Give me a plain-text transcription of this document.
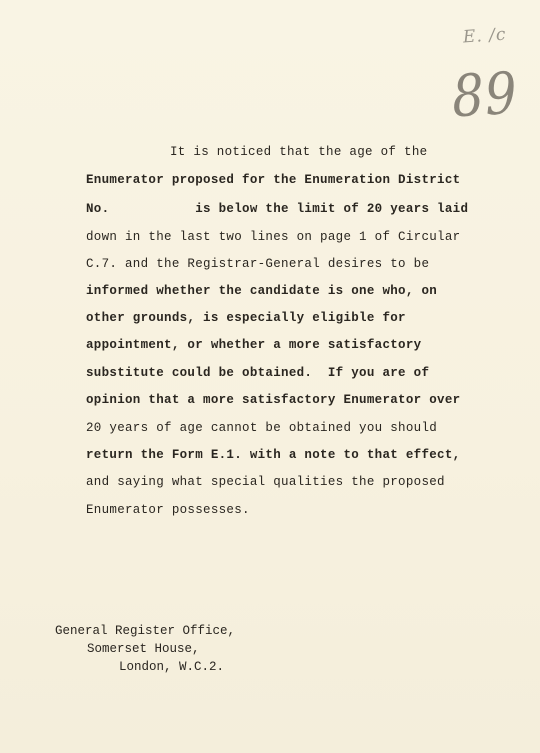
E. /c
89
It is noticed that the age of the
Enumerator proposed for the Enumeration District
No.           is below the limit of 20 years laid
down in the last two lines on page 1 of Circular
C.7. and the Registrar-General desires to be
informed whether the candidate is one who, on
other grounds, is especially eligible for
appointment, or whether a more satisfactory
substitute could be obtained.  If you are of
opinion that a more satisfactory Enumerator over
20 years of age cannot be obtained you should
return the Form E.1. with a note to that effect,
and saying what special qualities the proposed
Enumerator possesses.
General Register Office,
Somerset House,
London, W.C.2.
